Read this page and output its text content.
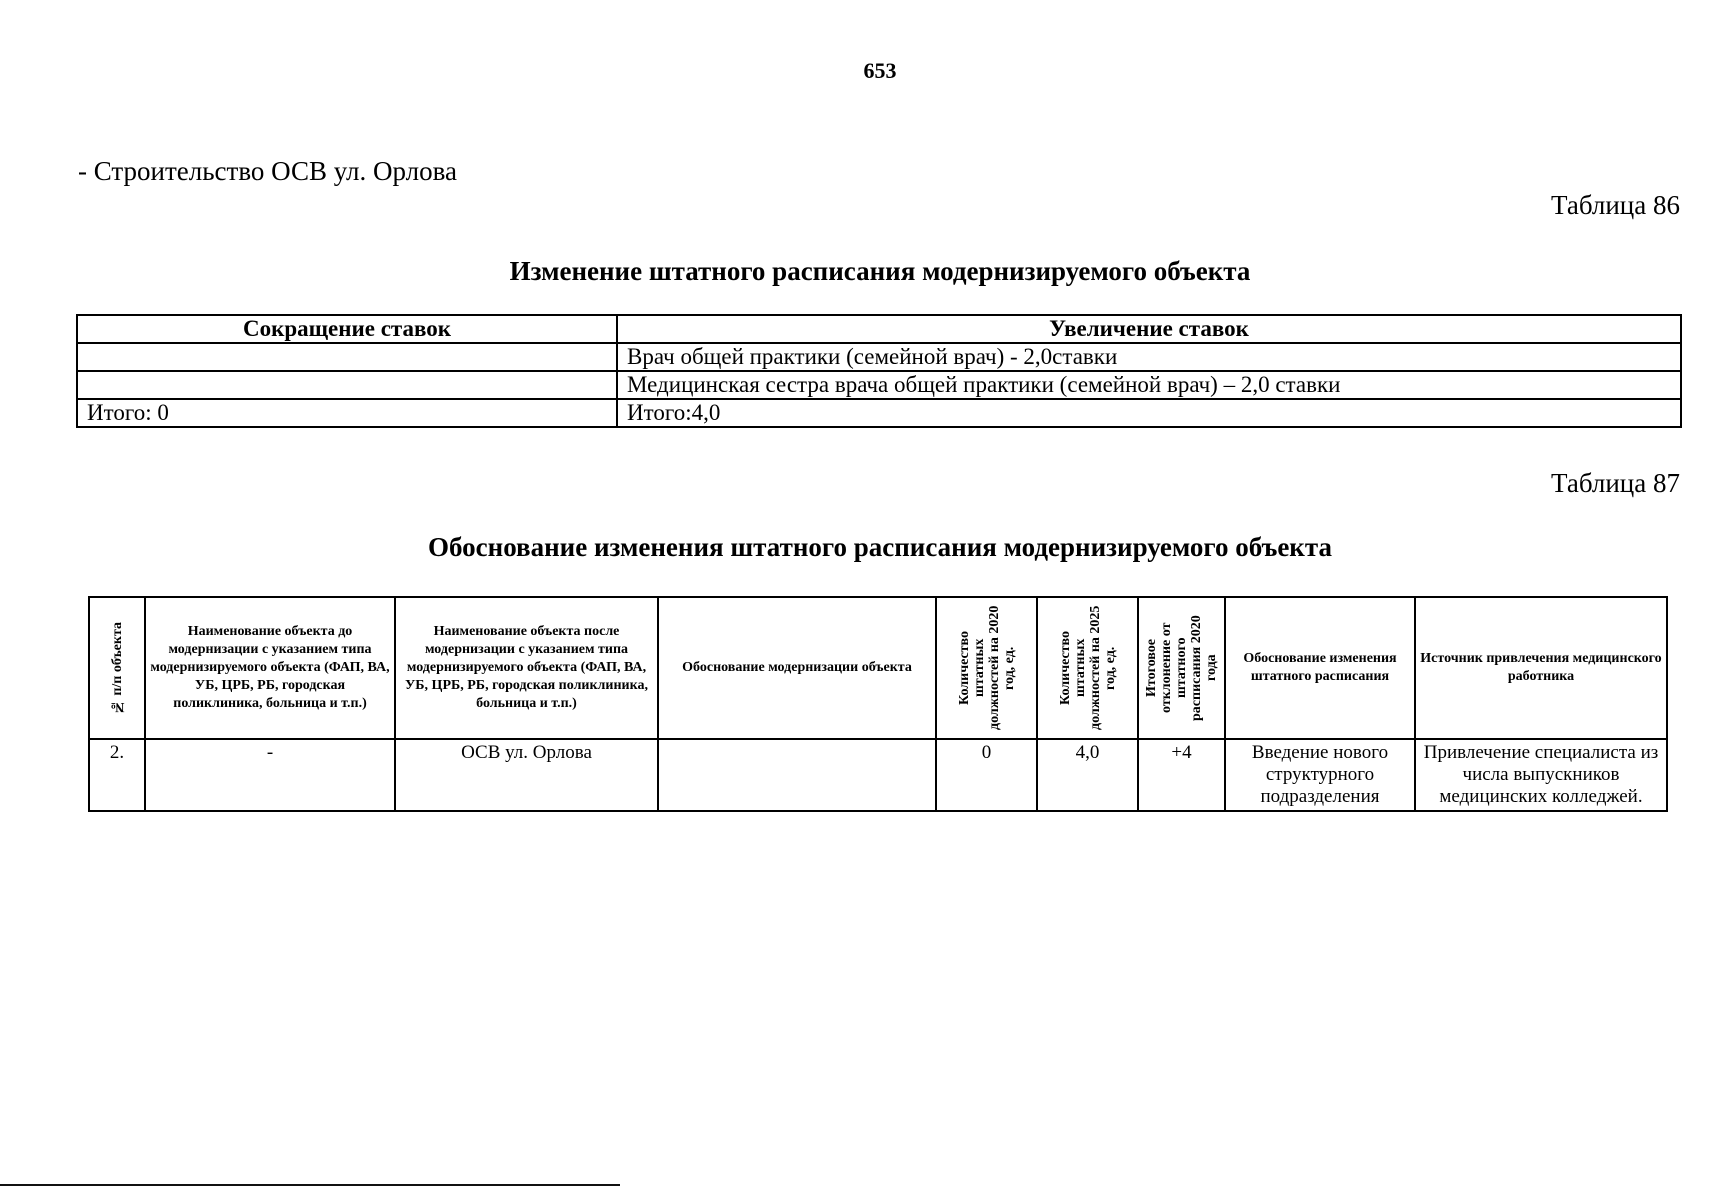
653
- Строительство ОСВ ул. Орлова
Таблица 86
Изменение штатного расписания модернизируемого объекта
Сокращение ставок	Увеличение ставок
	Врач общей практики (семейной врач) - 2,0ставки
	Медицинская сестра врача общей практики (семейной врач) – 2,0 ставки
Итого: 0	Итого:4,0
Таблица 87
Обоснование изменения штатного расписания модернизируемого объекта
№ п/п объекта	Наименование объекта до модернизации с указанием типа модернизируемого объекта (ФАП, ВА, УБ, ЦРБ, РБ, городская поликлиника, больница и т.п.)	Наименование объекта после модернизации с указанием типа модернизируемого объекта (ФАП, ВА, УБ, ЦРБ, РБ, городская поликлиника, больница и т.п.)	Обоснование модернизации объекта	Количество штатных должностей на 2020 год, ед.	Количество штатных должностей на 2025 год, ед.	Итоговое отклонение от штатного расписания 2020 года	Обоснование изменения штатного расписания	Источник привлечения медицинского работника
2.	-	ОСВ ул. Орлова		0	4,0	+4	Введение нового структурного подразделения	Привлечение специалиста из числа выпускников медицинских колледжей.
